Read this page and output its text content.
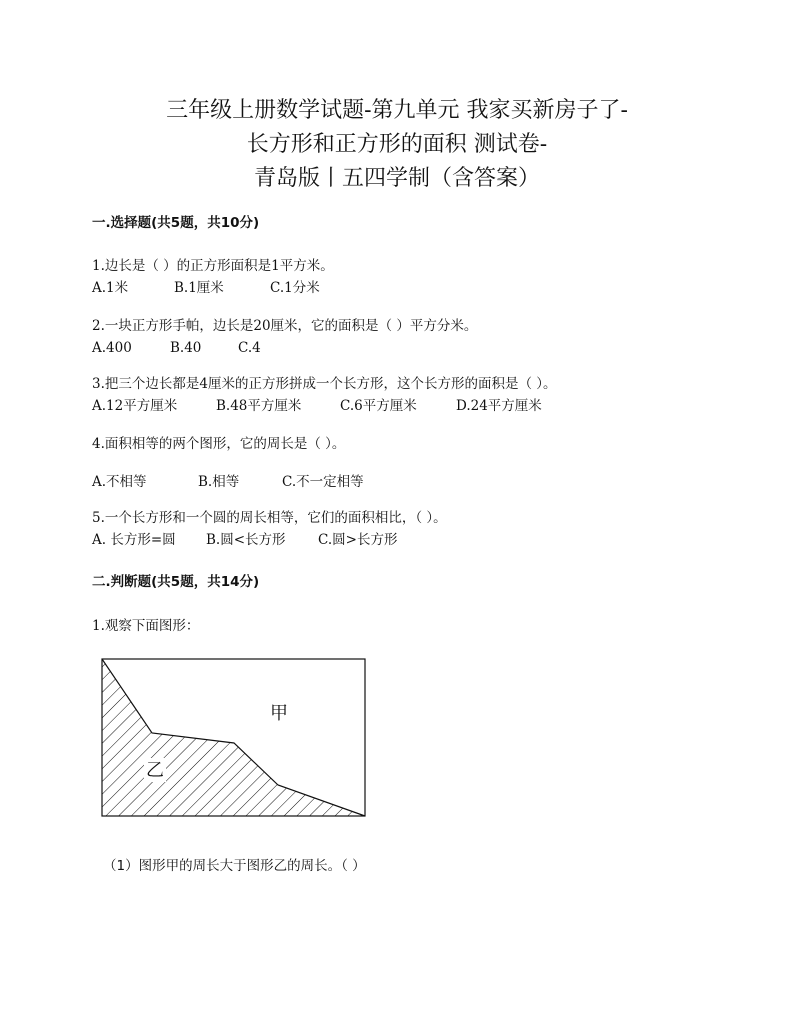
三年级上册数学试题-第九单元 我家买新房子了-

长方形和正方形的面积 测试卷-

青岛版丨五四学制（含答案）

一.选择题(共5题，共10分)
1.边长是（ ）的正方形面积是1平方米。
A.1米	B.1厘米	C.1分米
2.一块正方形手帕，边长是20厘米，它的面积是（ ）平方分米。
A.400	B.40	C.4
3.把三个边长都是4厘米的正方形拼成一个长方形，这个长方形的面积是（ ）。
A.12平方厘米	B.48平方厘米	C.6平方厘米	D.24平方厘米
4.面积相等的两个图形，它的周长是（ ）。
A.不相等	B.相等	C.不一定相等
5.一个长方形和一个圆的周长相等，它们的面积相比，（ ）。
A. 长方形=圆 B.圆<长方形 C.圆>长方形
二.判断题(共5题，共14分)
1.观察下面图形：
甲
乙
（1）图形甲的周长大于图形乙的周长。（ ）
